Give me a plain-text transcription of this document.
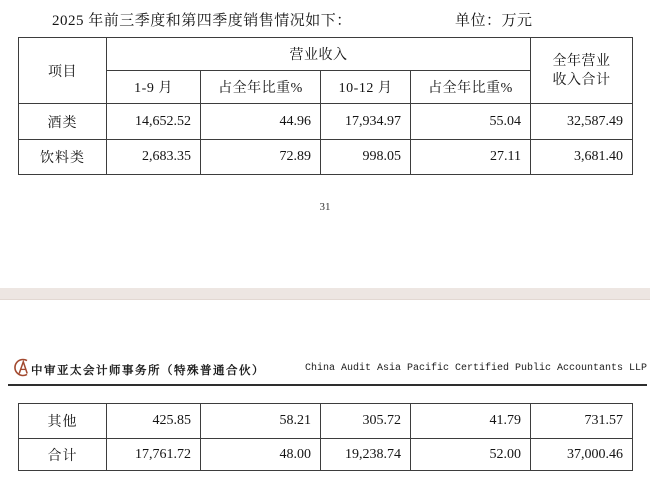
2025 年前三季度和第四季度销售情况如下：	单位：万元
项目	营业收入				全年营业
收入合计

	1-9 月	占全年比重%	10-12 月	占全年比重%	
酒类	14,652.52	44.96	17,934.97	55.04	32,587.49
饮料类	2,683.35	72.89	998.05	27.11	3,681.40
31
中审亚太会计师事务所（特殊普通合伙）	China Audit Asia Pacific Certified Public Accountants LLP
其他	425.85	58.21	305.72	41.79	731.57
合计	17,761.72	48.00	19,238.74	52.00	37,000.46
